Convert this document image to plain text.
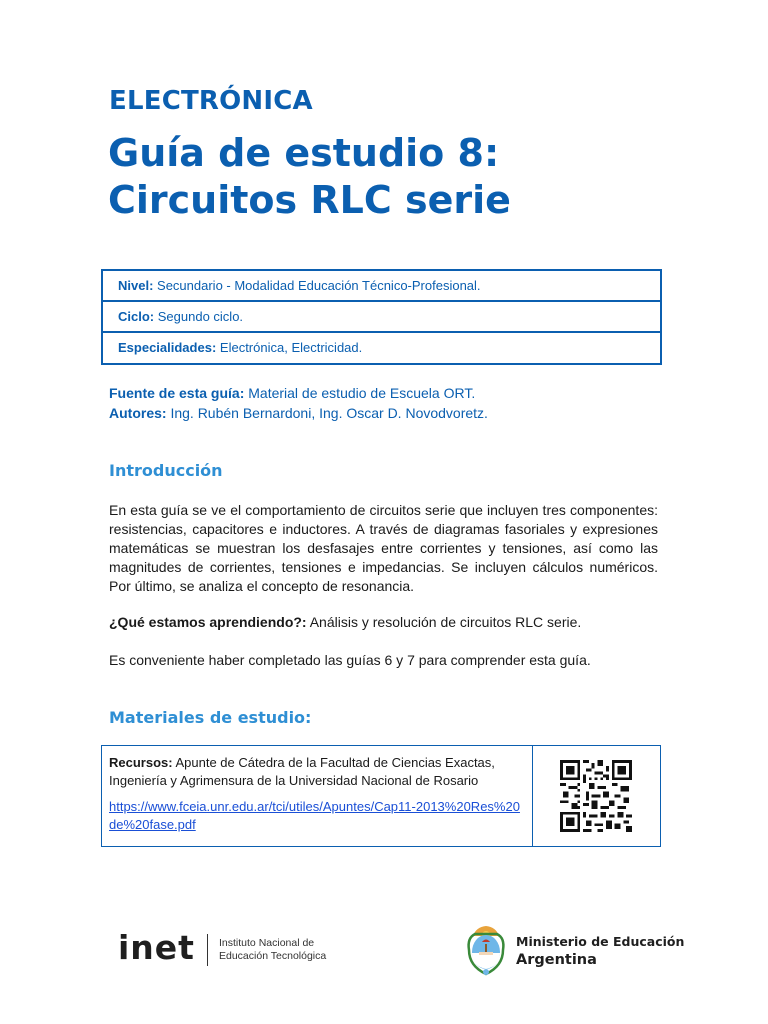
ELECTRÓNICA
Guía de estudio 8:
Circuitos RLC serie
Nivel: Secundario - Modalidad Educación Técnico-Profesional.
Ciclo: Segundo ciclo.
Especialidades: Electrónica, Electricidad.
Fuente de esta guía: Material de estudio de Escuela ORT.
Autores: Ing. Rubén Bernardoni, Ing. Oscar D. Novodvoretz.
Introducción
En esta guía se ve el comportamiento de circuitos serie que incluyen tres componentes: resistencias, capacitores e inductores. A través de diagramas fasoriales y expresiones matemáticas se muestran los desfasajes entre corrientes y tensiones, así como las magnitudes de corrientes, tensiones e impedancias. Se incluyen cálculos numéricos. Por último, se analiza el concepto de resonancia.
¿Qué estamos aprendiendo?: Análisis y resolución de circuitos RLC serie.
Es conveniente haber completado las guías 6 y 7 para comprender esta guía.
Materiales de estudio:
Recursos: Apunte de Cátedra de la Facultad de Ciencias Exactas, Ingeniería y Agrimensura de la Universidad Nacional de Rosario
https://www.fceia.unr.edu.ar/tci/utiles/Apuntes/Cap11-2013%20Res%20de%20fase.pdf
inet Instituto Nacional de
Educación Tecnológica
Ministerio de Educación
Argentina
